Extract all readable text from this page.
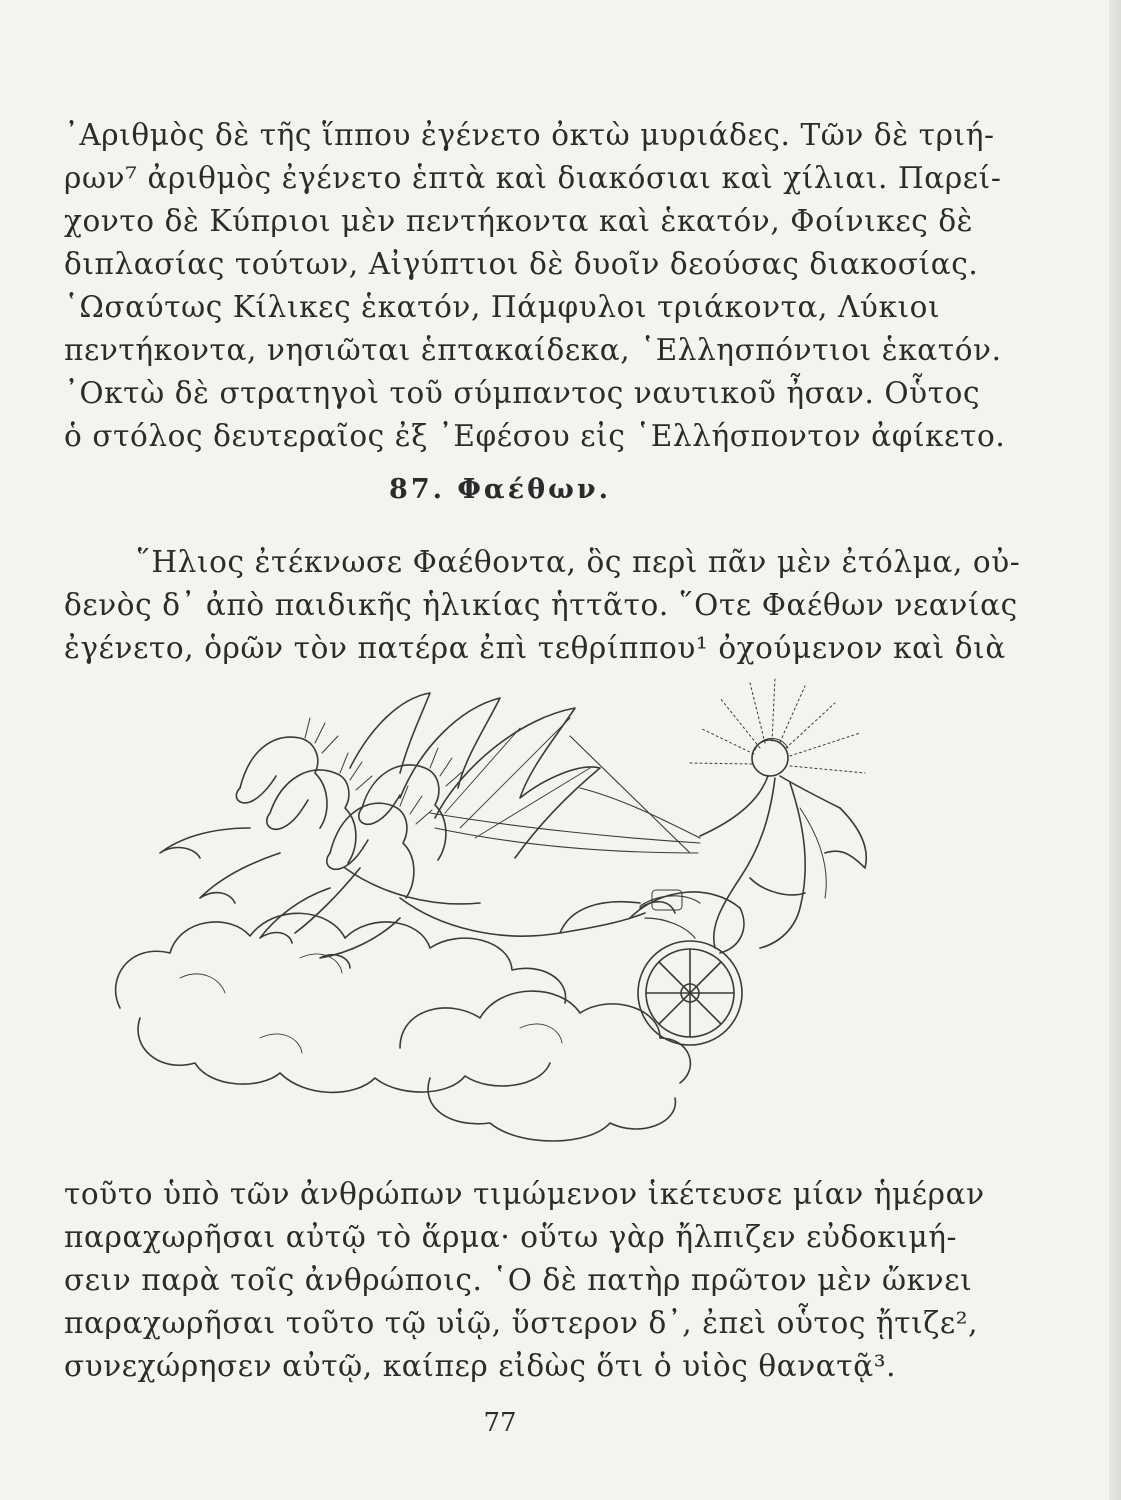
᾿Αριθμὸς δὲ τῆς ἵππου ἐγένετο ὀκτὼ μυριάδες. Τῶν δὲ τριή-
ρων⁷ ἀριθμὸς ἐγένετο ἑπτὰ καὶ διακόσιαι καὶ χίλιαι. Παρεί-
χοντο δὲ Κύπριοι μὲν πεντήκοντα καὶ ἑκατόν, Φοίνικες δὲ
διπλασίας τούτων, Αἰγύπτιοι δὲ δυοῖν δεούσας διακοσίας.
῾Ωσαύτως Κίλικες ἑκατόν, Πάμφυλοι τριάκοντα, Λύκιοι
πεντήκοντα, νησιῶται ἑπτακαίδεκα, ῾Ελλησπόντιοι ἑκατόν.
᾿Οκτὼ δὲ στρατηγοὶ τοῦ σύμπαντος ναυτικοῦ ἦσαν. Οὗτος
ὁ στόλος δευτεραῖος ἐξ ᾿Εφέσου εἰς ῾Ελλήσποντον ἀφίκετο.
87. Φαέθων.
῞Ηλιος ἐτέκνωσε Φαέθοντα, ὃς περὶ πᾶν μὲν ἐτόλμα, οὐ-
δενὸς δ᾿ ἀπὸ παιδικῆς ἡλικίας ἡττᾶτο. ῞Οτε Φαέθων νεανίας
ἐγένετο, ὁρῶν τὸν πατέρα ἐπὶ τεθρίππου¹ ὀχούμενον καὶ διὰ
τοῦτο ὑπὸ τῶν ἀνθρώπων τιμώμενον ἱκέτευσε μίαν ἡμέραν
παραχωρῆσαι αὐτῷ τὸ ἅρμα· οὕτω γὰρ ἤλπιζεν εὐδοκιμή-
σειν παρὰ τοῖς ἀνθρώποις. ῾Ο δὲ πατὴρ πρῶτον μὲν ὤκνει
παραχωρῆσαι τοῦτο τῷ υἱῷ, ὕστερον δ᾿, ἐπεὶ οὗτος ᾔτιζε²,
συνεχώρησεν αὐτῷ, καίπερ εἰδὼς ὅτι ὁ υἱὸς θανατᾷ³.
77
